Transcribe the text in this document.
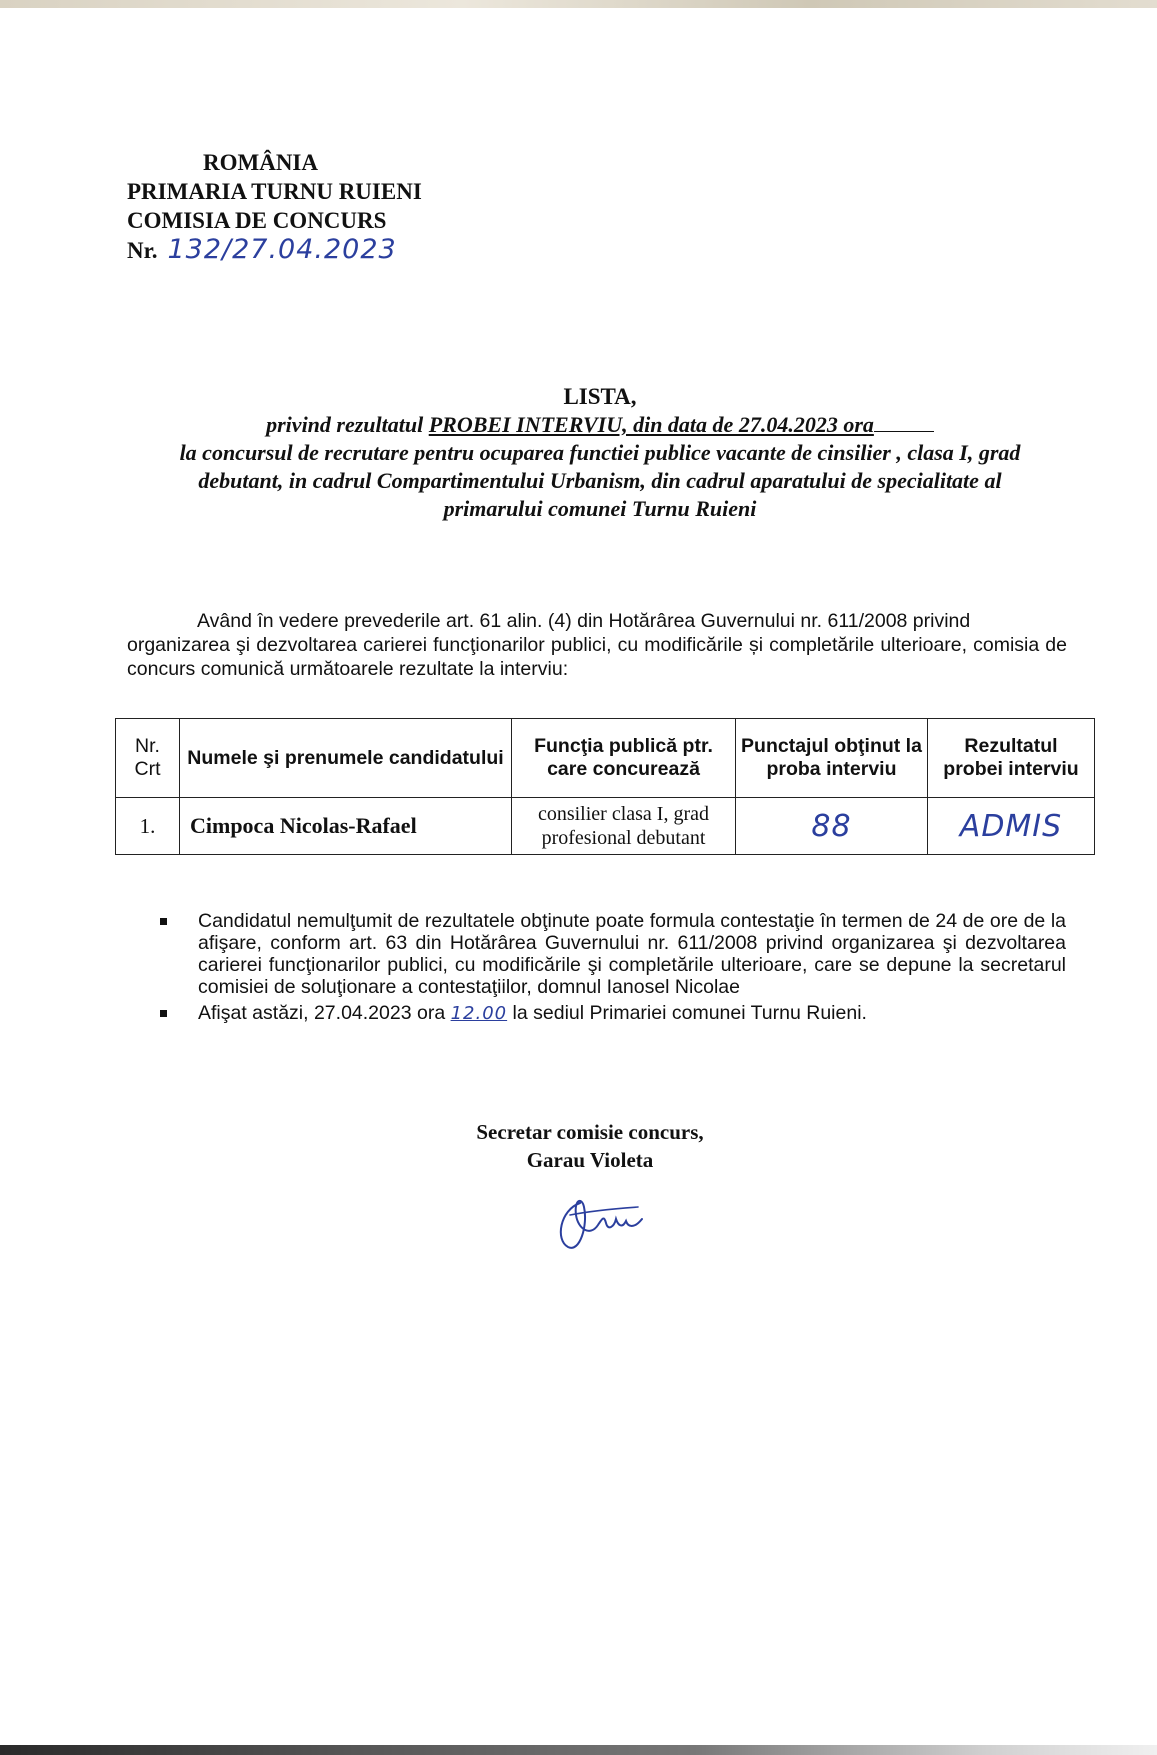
ROMÂNIA
PRIMARIA TURNU RUIENI
COMISIA DE CONCURS
Nr. 132/27.04.2023
LISTA,
privind rezultatul PROBEI INTERVIU, din data de 27.04.2023 ora
la concursul de recrutare pentru ocuparea functiei publice vacante de cinsilier , clasa I, grad
debutant, in cadrul Compartimentului Urbanism, din cadrul aparatului de specialitate al
primarului comunei Turnu Ruieni
Având în vedere prevederile art. 61 alin. (4) din Hotărârea Guvernului nr. 611/2008 privind
organizarea şi dezvoltarea carierei funcţionarilor publici, cu modificările și completările ulterioare, comisia de concurs comunică următoarele rezultate la interviu:
Nr. Crt	Numele şi prenumele candidatului	Funcţia publică ptr. care concurează	Punctajul obţinut la proba interviu	Rezultatul probei interviu
1.	Cimpoca Nicolas-Rafael	consilier clasa I, grad profesional debutant	88	ADMIS
Candidatul nemulţumit de rezultatele obţinute poate formula contestaţie în termen de 24 de ore de la afişare, conform art. 63 din Hotărârea Guvernului nr. 611/2008 privind organizarea şi dezvoltarea carierei funcţionarilor publici, cu modificările şi completările ulterioare, care se depune la secretarul comisiei de soluţionare a contestaţiilor, domnul Ianosel Nicolae
Afişat astăzi, 27.04.2023 ora 12.00 la sediul Primariei comunei Turnu Ruieni.
Secretar comisie concurs,
Garau Violeta
